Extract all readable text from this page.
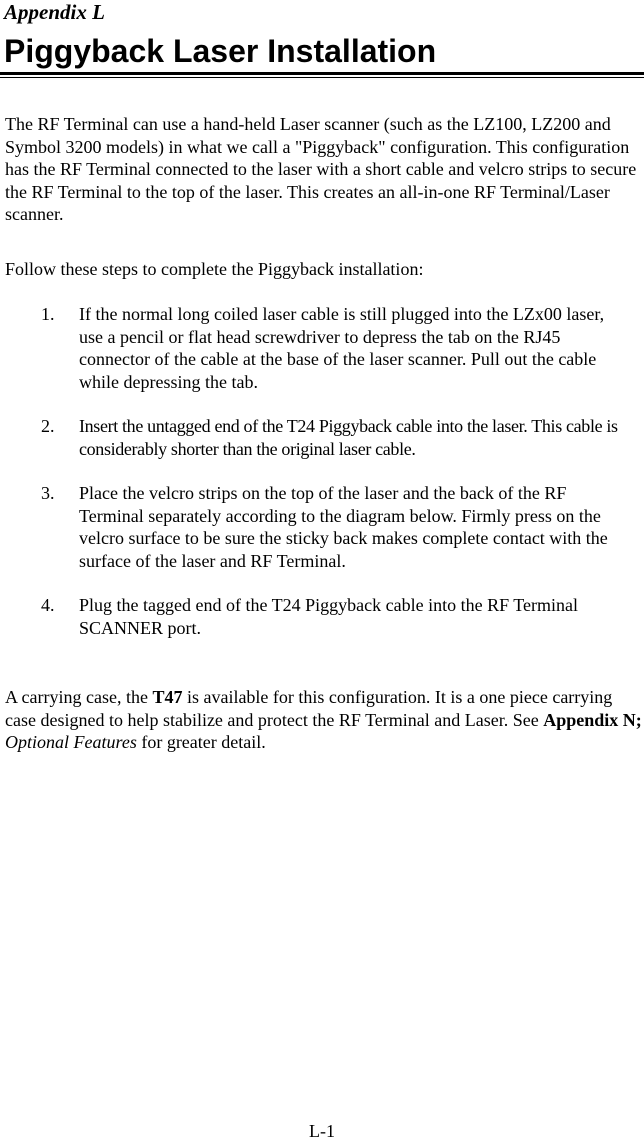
Appendix L
Piggyback Laser Installation

The RF Terminal can use a hand-held Laser scanner (such as the LZ100, LZ200 and Symbol 3200 models) in what we call a "Piggyback" configuration. This configuration has the RF Terminal connected to the laser with a short cable and velcro strips to secure the RF Terminal to the top of the laser. This creates an all-in-one RF Terminal/Laser scanner.

Follow these steps to complete the Piggyback installation:

1. If the normal long coiled laser cable is still plugged into the LZx00 laser, use a pencil or flat head screwdriver to depress the tab on the RJ45 connector of the cable at the base of the laser scanner. Pull out the cable while depressing the tab.
2. Insert the untagged end of the T24 Piggyback cable into the laser. This cable is considerably shorter than the original laser cable.
3. Place the velcro strips on the top of the laser and the back of the RF Terminal separately according to the diagram below. Firmly press on the velcro surface to be sure the sticky back makes complete contact with the surface of the laser and RF Terminal.
4. Plug the tagged end of the T24 Piggyback cable into the RF Terminal SCANNER port.

A carrying case, the T47 is available for this configuration. It is a one piece carrying case designed to help stabilize and protect the RF Terminal and Laser. See Appendix N; Optional Features for greater detail.

L-1
